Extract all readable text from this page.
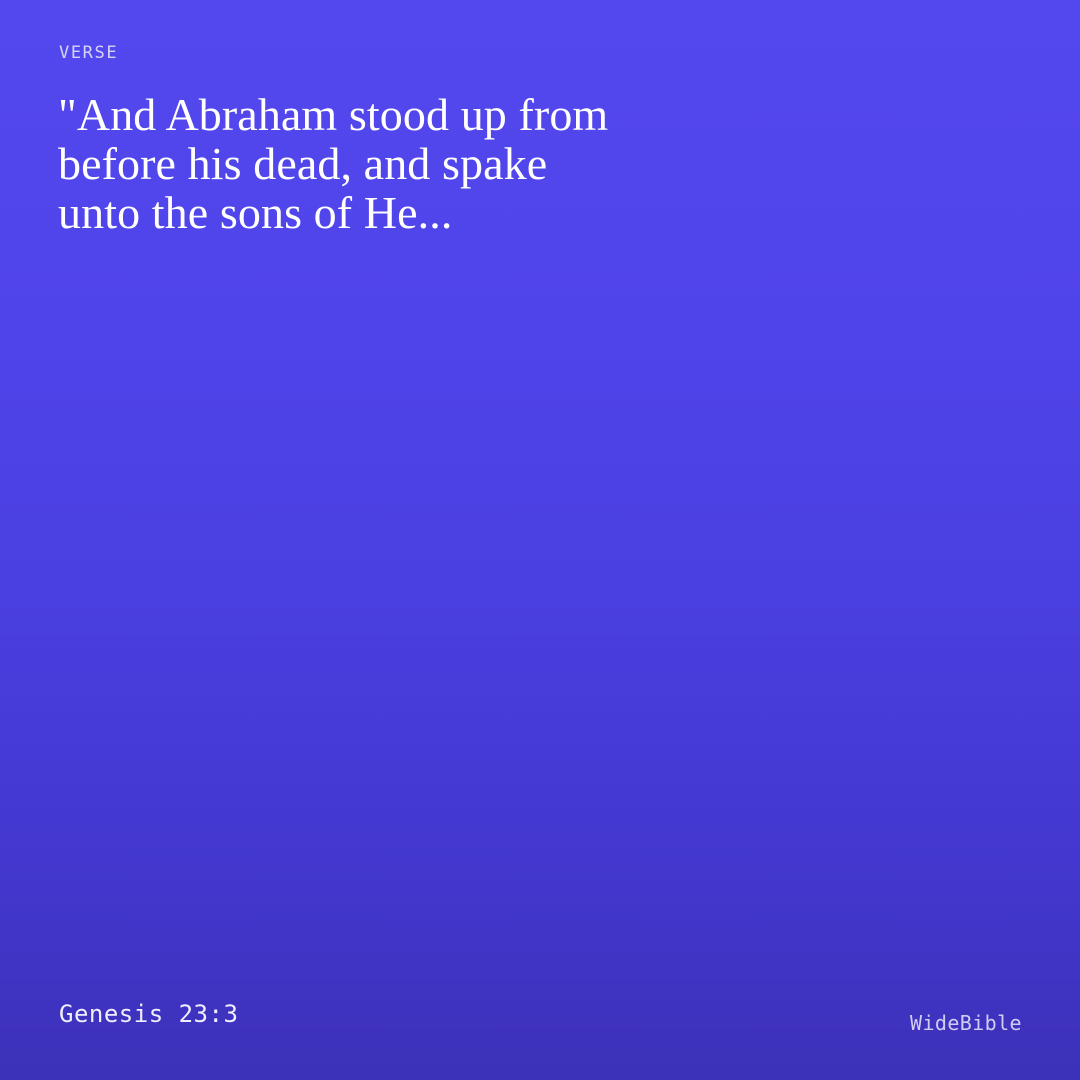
VERSE
"And Abraham stood up from before his dead, and spake unto the sons of He...
Genesis 23:3	WideBible
